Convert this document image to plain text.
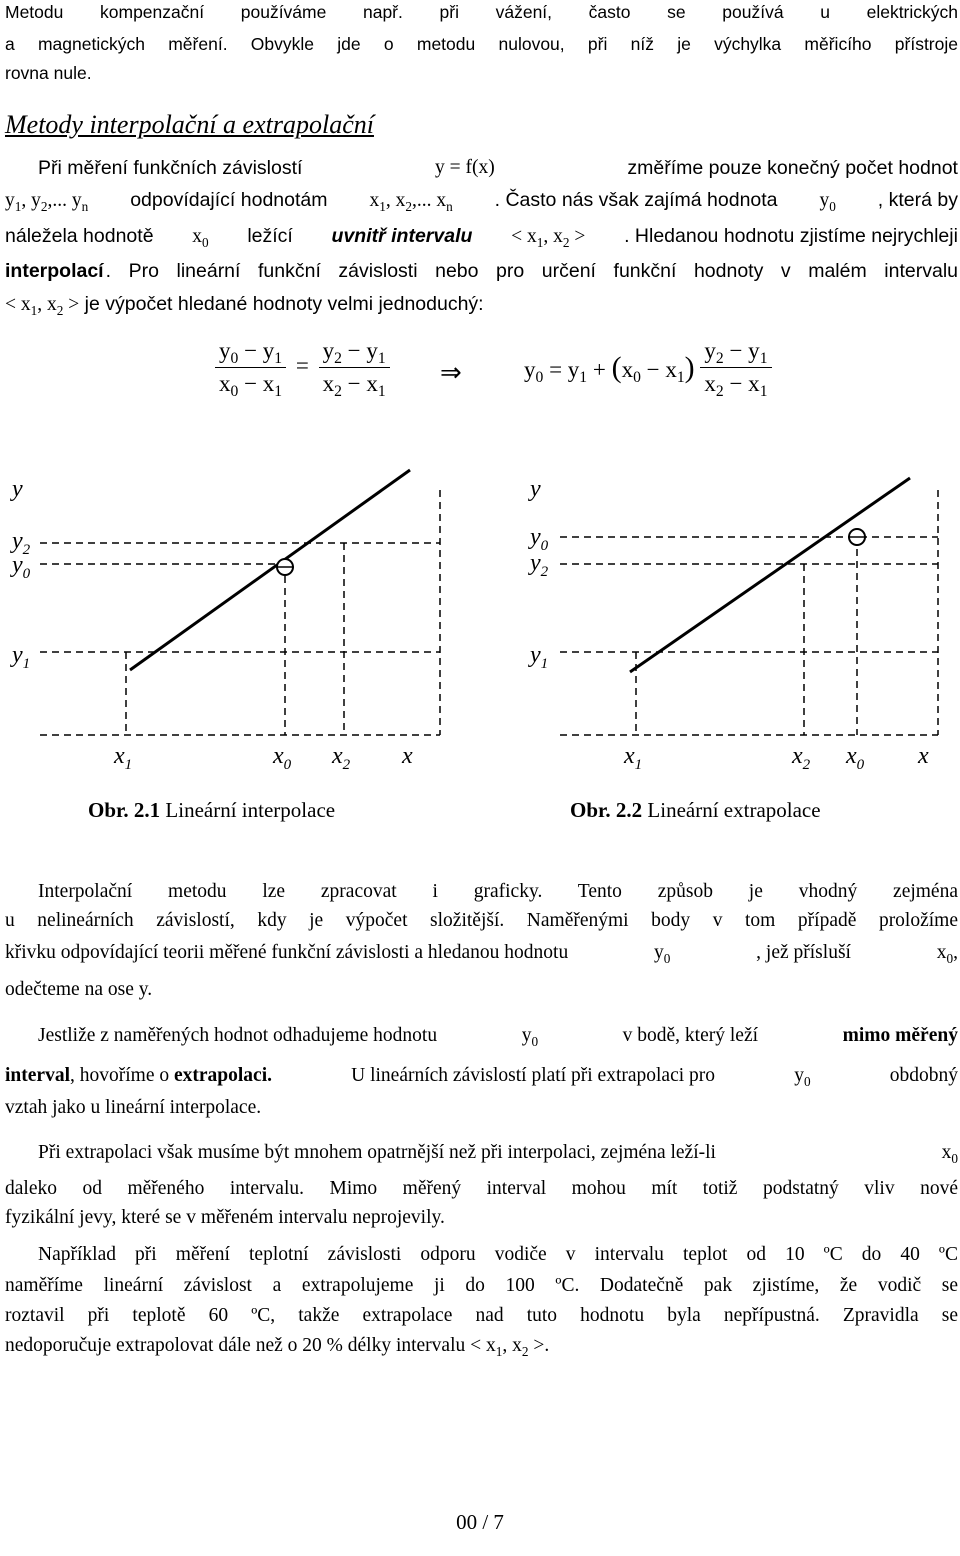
Metodu kompenzační používáme např. při vážení, často se používá u elektrických
a magnetických měření. Obvykle jde o metodu nulovou, při níž je výchylka měřicího přístroje
rovna nule.
Metody interpolační a extrapolační
Při měření funkčních závislostí	y = f(x)	změříme pouze konečný počet hodnot
$y_1$, $y_2$,... $y_n$ odpovídající hodnotám $x_1$, $x_2$,... $x_n$ . Často nás však zajímá hodnota $y_0$ , která by
náležela hodnotě $x_0$ ležící uvnitř intervalu < $x_1$, $x_2$ > . Hledanou hodnotu zjistíme nejrychleji
interpolací . Pro lineární funkční závislosti nebo pro určení funkční hodnoty v malém intervalu
< $x_1$, $x_2$ > je výpočet hledané hodnoty velmi jednoduchý:
$\frac{y_0 - y_1}{x_0 - x_1} = \frac{y_2 - y_1}{x_2 - x_1}$ ⇒	$y_0 = y_1 + (x_0 - x_1) \frac{y_2 - y_1}{x_2 - x_1}$
y
$y_2$
$y_0$
$y_1$
$x_1$	$x_0$ $x_2$ x
Obr. 2.1 Lineární interpolace
y
$y_0$
$y_2$
$y_1$
$x_1$	$x_2$ $x_0$ x
Obr. 2.2 Lineární extrapolace
Interpolační metodu lze zpracovat i graficky. Tento způsob je vhodný zejména
u nelineárních závislostí, kdy je výpočet složitější. Naměřenými body v tom případě proložíme
křivku odpovídající teorii měřené funkční závislosti a hledanou hodnotu	$y_0$	, jež přísluší	$x_0$,
odečteme na ose y.
Jestliže z naměřených hodnot odhadujeme hodnotu	$y_0$	v bodě, který leží	mimo měřený
interval, hovoříme o extrapolaci.	U lineárních závislostí platí při extrapolaci pro	$y_0$	obdobný
vztah jako u lineární interpolace.
Při extrapolaci však musíme být mnohem opatrnější než při interpolaci, zejména leží-li	$x_0$
daleko od měřeného intervalu. Mimo měřený interval mohou mít totiž podstatný vliv nové
fyzikální jevy, které se v měřeném intervalu neprojevily.
Například při měření teplotní závislosti odporu vodiče v intervalu teplot od 10 ºC do 40 ºC
naměříme lineární závislost a extrapolujeme ji do 100 ºC. Dodatečně pak zjistíme, že vodič se
roztavil při teplotě 60 ºC, takže extrapolace nad tuto hodnotu byla nepřípustná. Zpravidla se
nedoporučuje extrapolovat dále než o 20 % délky intervalu < $x_1$, $x_2$ >.
00 / 7
